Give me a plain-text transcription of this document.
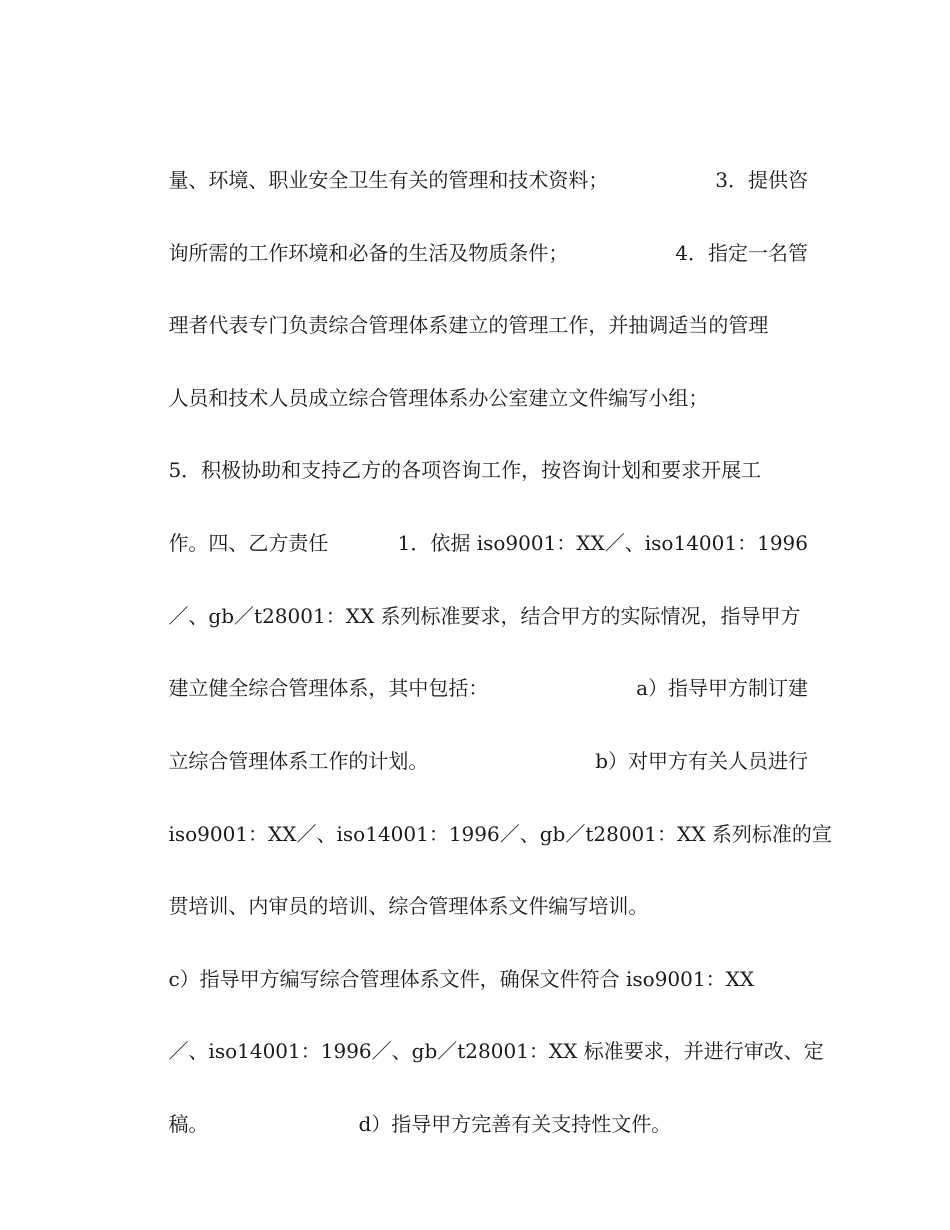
量、环境、职业安全卫生有关的管理和技术资料；	3．提供咨

询所需的工作环境和必备的生活及物质条件；	4．指定一名管

理者代表专门负责综合管理体系建立的管理工作，并抽调适当的管理

人员和技术人员成立综合管理体系办公室建立文件编写小组；

5．积极协助和支持乙方的各项咨询工作，按咨询计划和要求开展工

作。四、乙方责任	1．依据 iso9001：XX／、iso14001：1996

／、gb／t28001：XX 系列标准要求，结合甲方的实际情况，指导甲方

建立健全综合管理体系，其中包括：	a）指导甲方制订建

立综合管理体系工作的计划。	b）对甲方有关人员进行

iso9001：XX／、iso14001：1996／、gb／t28001：XX 系列标准的宣

贯培训、内审员的培训、综合管理体系文件编写培训。

c）指导甲方编写综合管理体系文件，确保文件符合 iso9001：XX

／、iso14001：1996／、gb／t28001：XX 标准要求，并进行审改、定

稿。	d）指导甲方完善有关支持性文件。
